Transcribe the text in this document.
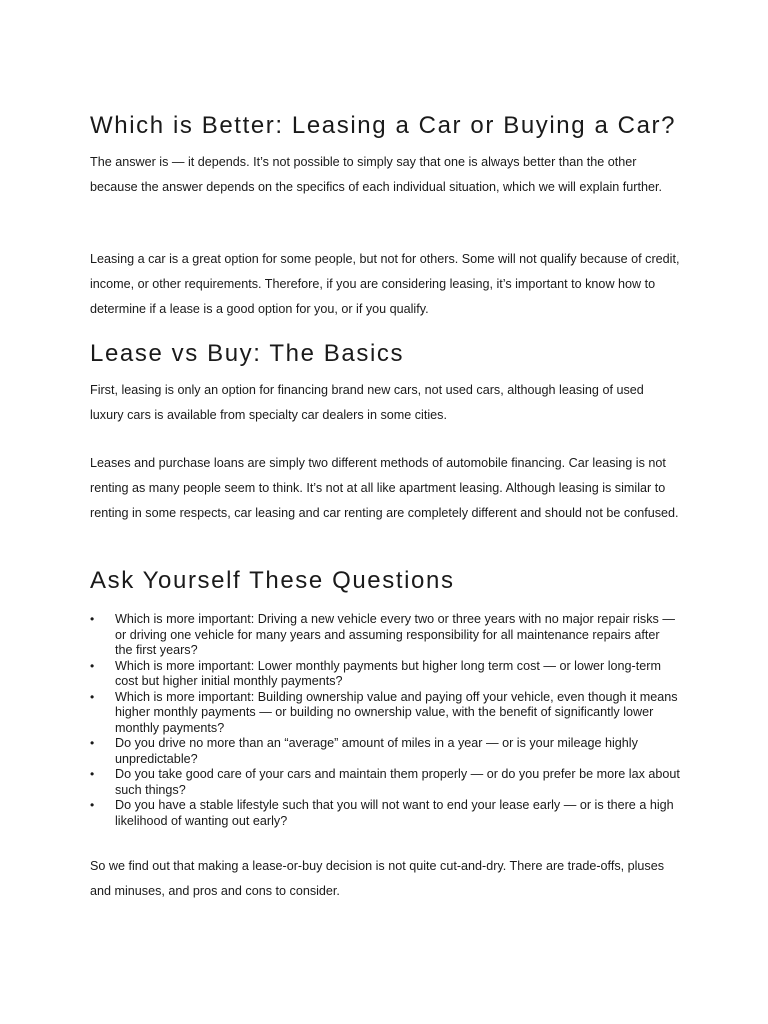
Which is Better: Leasing a Car or Buying a Car?

The answer is — it depends. It’s not possible to simply say that one is always better than the other because the answer depends on the specifics of each individual situation, which we will explain further.

Leasing a car is a great option for some people, but not for others. Some will not qualify because of credit, income, or other requirements. Therefore, if you are considering leasing, it’s important to know how to determine if a lease is a good option for you, or if you qualify.

Lease vs Buy: The Basics

First, leasing is only an option for financing brand new cars, not used cars, although leasing of used luxury cars is available from specialty car dealers in some cities.

Leases and purchase loans are simply two different methods of automobile financing. Car leasing is not renting as many people seem to think. It’s not at all like apartment leasing. Although leasing is similar to renting in some respects, car leasing and car renting are completely different and should not be confused.

Ask Yourself These Questions
• Which is more important: Driving a new vehicle every two or three years with no major repair risks — or driving one vehicle for many years and assuming responsibility for all maintenance repairs after the first years?
• Which is more important: Lower monthly payments but higher long term cost — or lower long-term cost but higher initial monthly payments?
• Which is more important: Building ownership value and paying off your vehicle, even though it means higher monthly payments — or building no ownership value, with the benefit of significantly lower monthly payments?
• Do you drive no more than an “average” amount of miles in a year — or is your mileage highly unpredictable?
• Do you take good care of your cars and maintain them properly — or do you prefer be more lax about such things?
• Do you have a stable lifestyle such that you will not want to end your lease early — or is there a high likelihood of wanting out early?

So we find out that making a lease-or-buy decision is not quite cut-and-dry. There are trade-offs, pluses and minuses, and pros and cons to consider.
